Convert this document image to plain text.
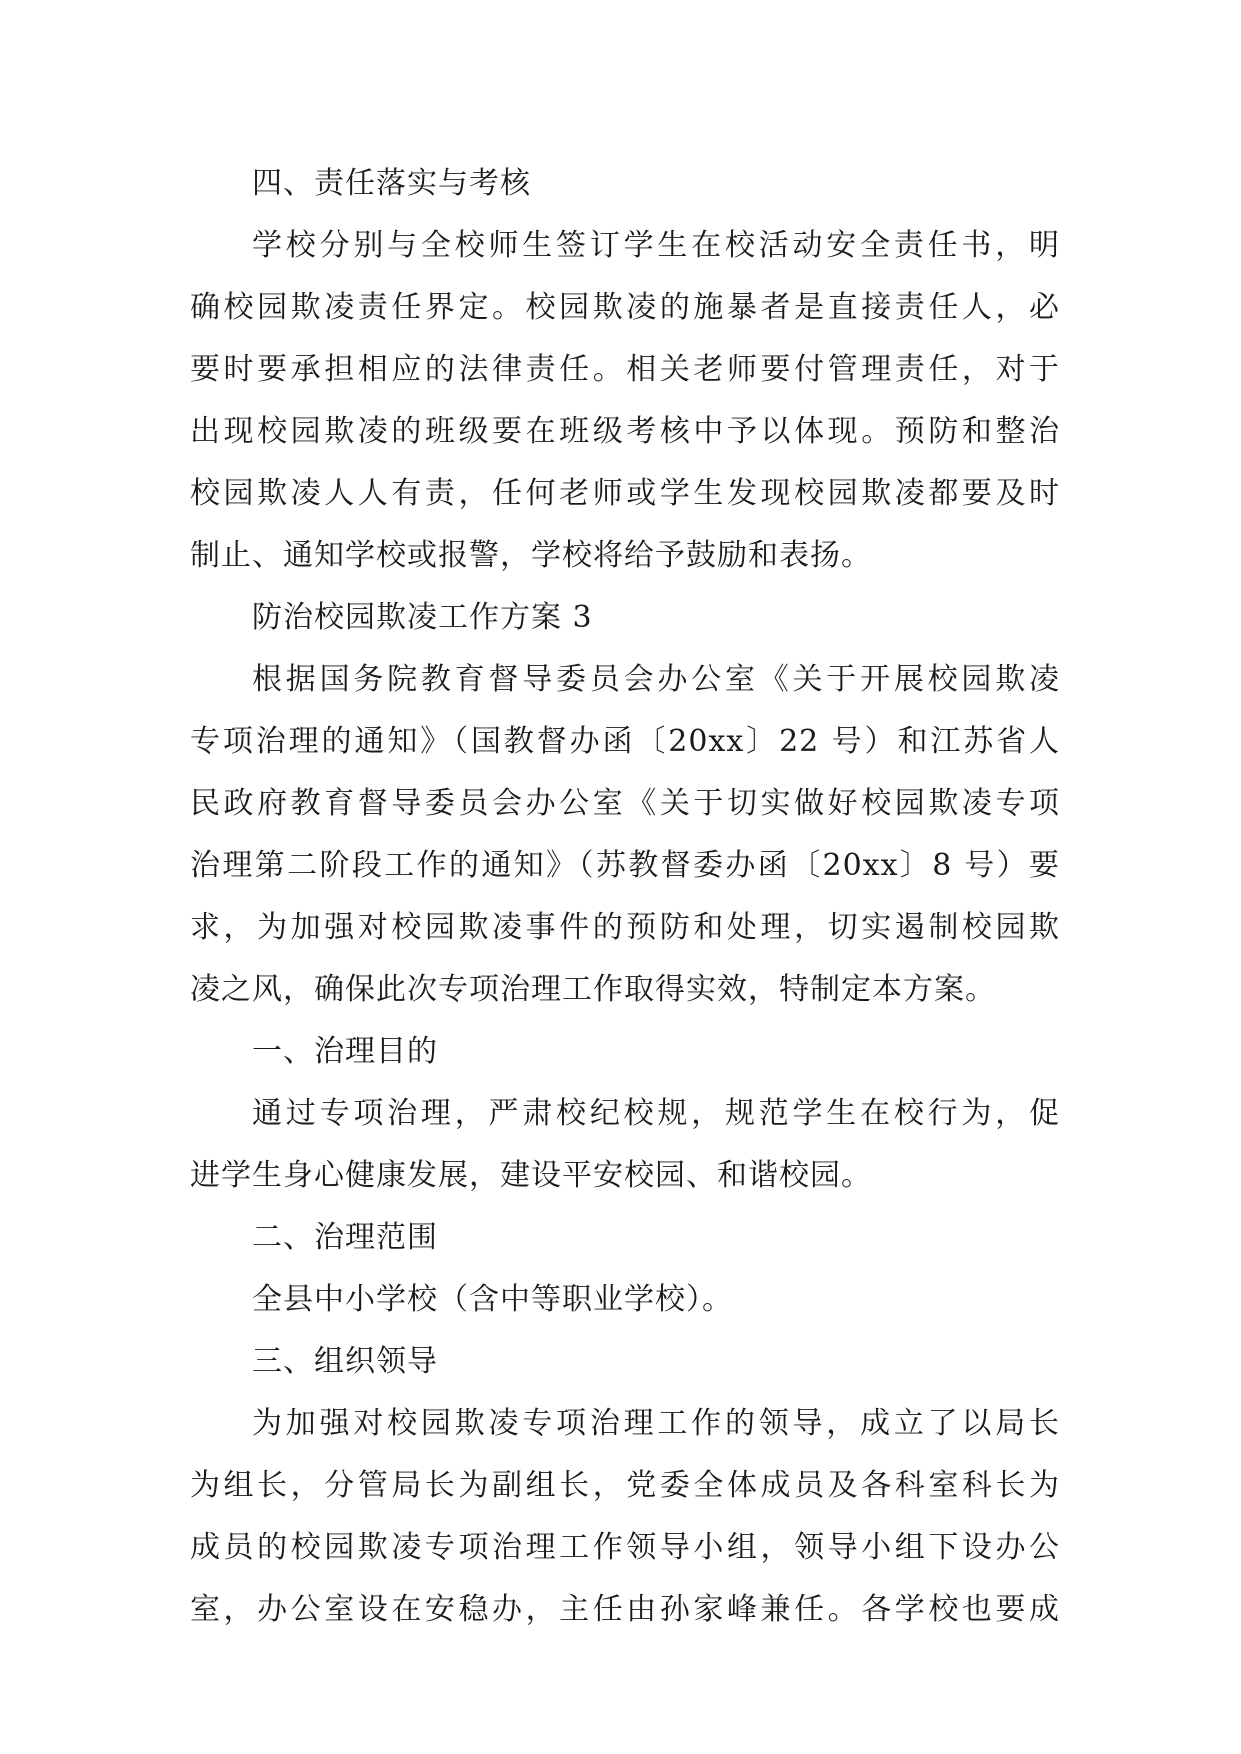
四、责任落实与考核
学校分别与全校师生签订学生在校活动安全责任书，明
确校园欺凌责任界定。校园欺凌的施暴者是直接责任人，必
要时要承担相应的法律责任。相关老师要付管理责任，对于
出现校园欺凌的班级要在班级考核中予以体现。预防和整治
校园欺凌人人有责，任何老师或学生发现校园欺凌都要及时
制止、通知学校或报警，学校将给予鼓励和表扬。
防治校园欺凌工作方案 3
根据国务院教育督导委员会办公室《关于开展校园欺凌
专项治理的通知》（国教督办函〔20xx〕22 号）和江苏省人
民政府教育督导委员会办公室《关于切实做好校园欺凌专项
治理第二阶段工作的通知》（苏教督委办函〔20xx〕8 号）要
求，为加强对校园欺凌事件的预防和处理，切实遏制校园欺
凌之风，确保此次专项治理工作取得实效，特制定本方案。
一、治理目的
通过专项治理，严肃校纪校规，规范学生在校行为，促
进学生身心健康发展，建设平安校园、和谐校园。
二、治理范围
全县中小学校（含中等职业学校）。
三、组织领导
为加强对校园欺凌专项治理工作的领导，成立了以局长
为组长，分管局长为副组长，党委全体成员及各科室科长为
成员的校园欺凌专项治理工作领导小组，领导小组下设办公
室，办公室设在安稳办，主任由孙家峰兼任。各学校也要成
